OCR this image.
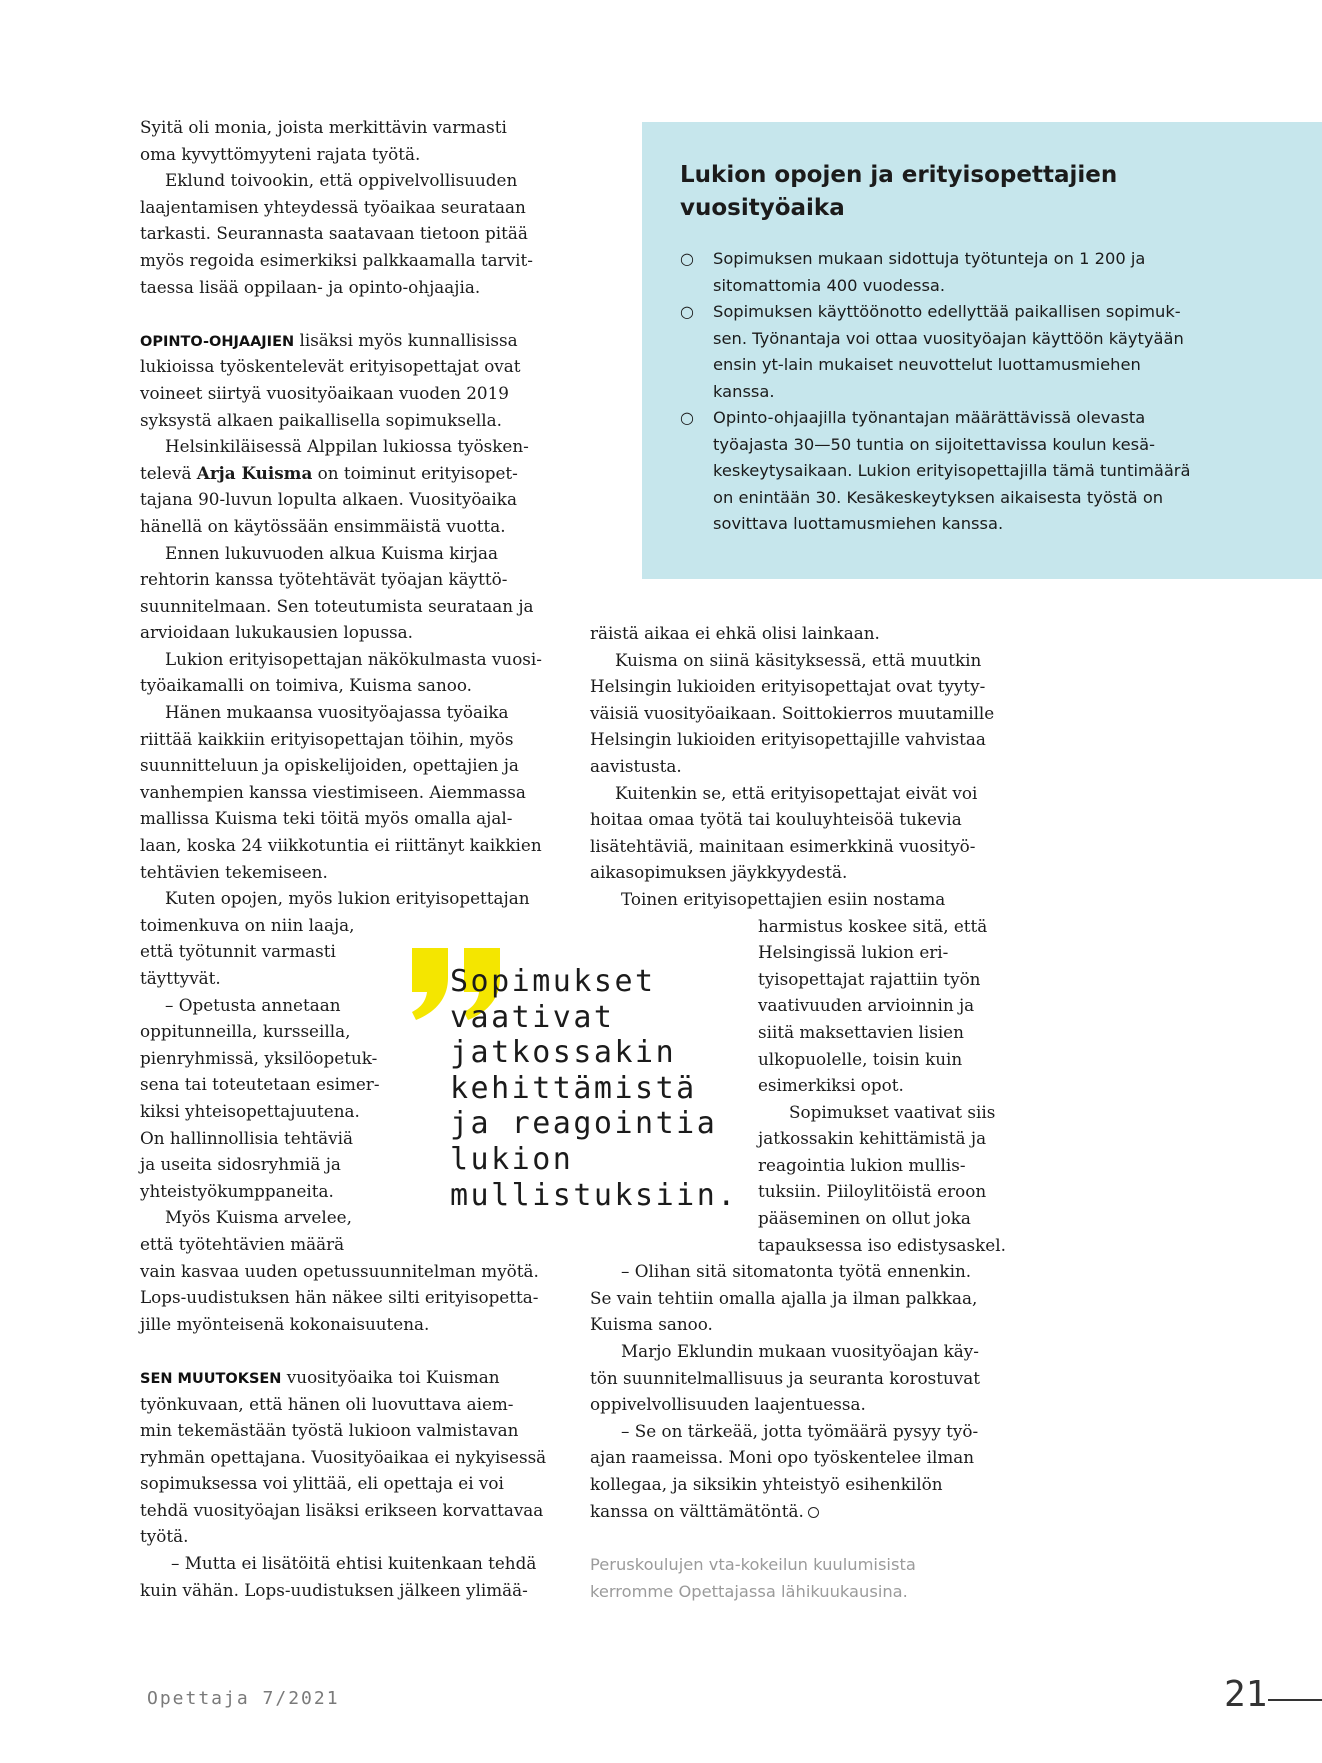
Syitä oli monia, joista merkittävin varmasti
oma kyvyttömyyteni rajata työtä.
Eklund toivookin, että oppivelvollisuuden
laajentamisen yhteydessä työaikaa seurataan
tarkasti. Seurannasta saatavaan tietoon pitää
myös regoida esimerkiksi palkkaamalla tarvit-
taessa lisää oppilaan- ja opinto-ohjaajia.
OPINTO-OHJAAJIEN lisäksi myös kunnallisissa
lukioissa työskentelevät erityisopettajat ovat
voineet siirtyä vuosityöaikaan vuoden 2019
syksystä alkaen paikallisella sopimuksella.
Helsinkiläisessä Alppilan lukiossa työsken-
televä Arja Kuisma on toiminut erityisopet-
tajana 90-luvun lopulta alkaen. Vuosityöaika
hänellä on käytössään ensimmäistä vuotta.
Ennen lukuvuoden alkua Kuisma kirjaa
rehtorin kanssa työtehtävät työajan käyttö-
suunnitelmaan. Sen toteutumista seurataan ja
arvioidaan lukukausien lopussa.
Lukion erityisopettajan näkökulmasta vuosi-
työaikamalli on toimiva, Kuisma sanoo.
Hänen mukaansa vuosityöajassa työaika
riittää kaikkiin erityisopettajan töihin, myös
suunnitteluun ja opiskelijoiden, opettajien ja
vanhempien kanssa viestimiseen. Aiemmassa
mallissa Kuisma teki töitä myös omalla ajal-
laan, koska 24 viikkotuntia ei riittänyt kaikkien
tehtävien tekemiseen.
Kuten opojen, myös lukion erityisopettajan
toimenkuva on niin laaja,
että työtunnit varmasti
täyttyvät.
– Opetusta annetaan
oppitunneilla, kursseilla,
pienryhmissä, yksilöopetuk-
sena tai toteutetaan esimer-
kiksi yhteisopettajuutena.
On hallinnollisia tehtäviä
ja useita sidosryhmiä ja
yhteistyökumppaneita.
Myös Kuisma arvelee,
että työtehtävien määrä
vain kasvaa uuden opetussuunnitelman myötä.
Lops-uudistuksen hän näkee silti erityisopetta-
jille myönteisenä kokonaisuutena.
SEN MUUTOKSEN vuosityöaika toi Kuisman
työnkuvaan, että hänen oli luovuttava aiem-
min tekemästään työstä lukioon valmistavan
ryhmän opettajana. Vuosityöaikaa ei nykyisessä
sopimuksessa voi ylittää, eli opettaja ei voi
tehdä vuosityöajan lisäksi erikseen korvattavaa
työtä.
– Mutta ei lisätöitä ehtisi kuitenkaan tehdä
kuin vähän. Lops-uudistuksen jälkeen ylimää-
räistä aikaa ei ehkä olisi lainkaan.
Kuisma on siinä käsityksessä, että muutkin
Helsingin lukioiden erityisopettajat ovat tyyty-
väisiä vuosityöaikaan. Soittokierros muutamille
Helsingin lukioiden erityisopettajille vahvistaa
aavistusta.
Kuitenkin se, että erityisopettajat eivät voi
hoitaa omaa työtä tai kouluyhteisöä tukevia
lisätehtäviä, mainitaan esimerkkinä vuosityö-
aikasopimuksen jäykkyydestä.
Toinen erityisopettajien esiin nostama
harmistus koskee sitä, että
Helsingissä lukion eri-
tyisopettajat rajattiin työn
vaativuuden arvioinnin ja
siitä maksettavien lisien
ulkopuolelle, toisin kuin
esimerkiksi opot.
Sopimukset vaativat siis
jatkossakin kehittämistä ja
reagointia lukion mullis-
tuksiin. Piiloylitöistä eroon
pääseminen on ollut joka
tapauksessa iso edistysaskel.
– Olihan sitä sitomatonta työtä ennenkin.
Se vain tehtiin omalla ajalla ja ilman palkkaa,
Kuisma sanoo.
Marjo Eklundin mukaan vuosityöajan käy-
tön suunnitelmallisuus ja seuranta korostuvat
oppivelvollisuuden laajentuessa.
– Se on tärkeää, jotta työmäärä pysyy työ-
ajan raameissa. Moni opo työskentelee ilman
kollegaa, ja siksikin yhteistyö esihenkilön
kanssa on välttämätöntä.
Lukion opojen ja erityisopettajien
vuosityöaika
○ Sopimuksen mukaan sidottuja työtunteja on 1 200 ja
sitomattomia 400 vuodessa.
○ Sopimuksen käyttöönotto edellyttää paikallisen sopimuk-
sen. Työnantaja voi ottaa vuosityöajan käyttöön käytyään
ensin yt-lain mukaiset neuvottelut luottamusmiehen
kanssa.
○ Opinto-ohjaajilla työnantajan määrättävissä olevasta
työajasta 30—50 tuntia on sijoitettavissa koulun kesä-
keskeytysaikaan. Lukion erityisopettajilla tämä tuntimäärä
on enintään 30. Kesäkeskeytyksen aikaisesta työstä on
sovittava luottamusmiehen kanssa.
Sopimukset
vaativat
jatkossakin
kehittämistä
ja reagointia
lukion
mullistuksiin.
Peruskoulujen vta-kokeilun kuulumisista
kerromme Opettajassa lähikuukausina.
Opettaja 7/2021	21
